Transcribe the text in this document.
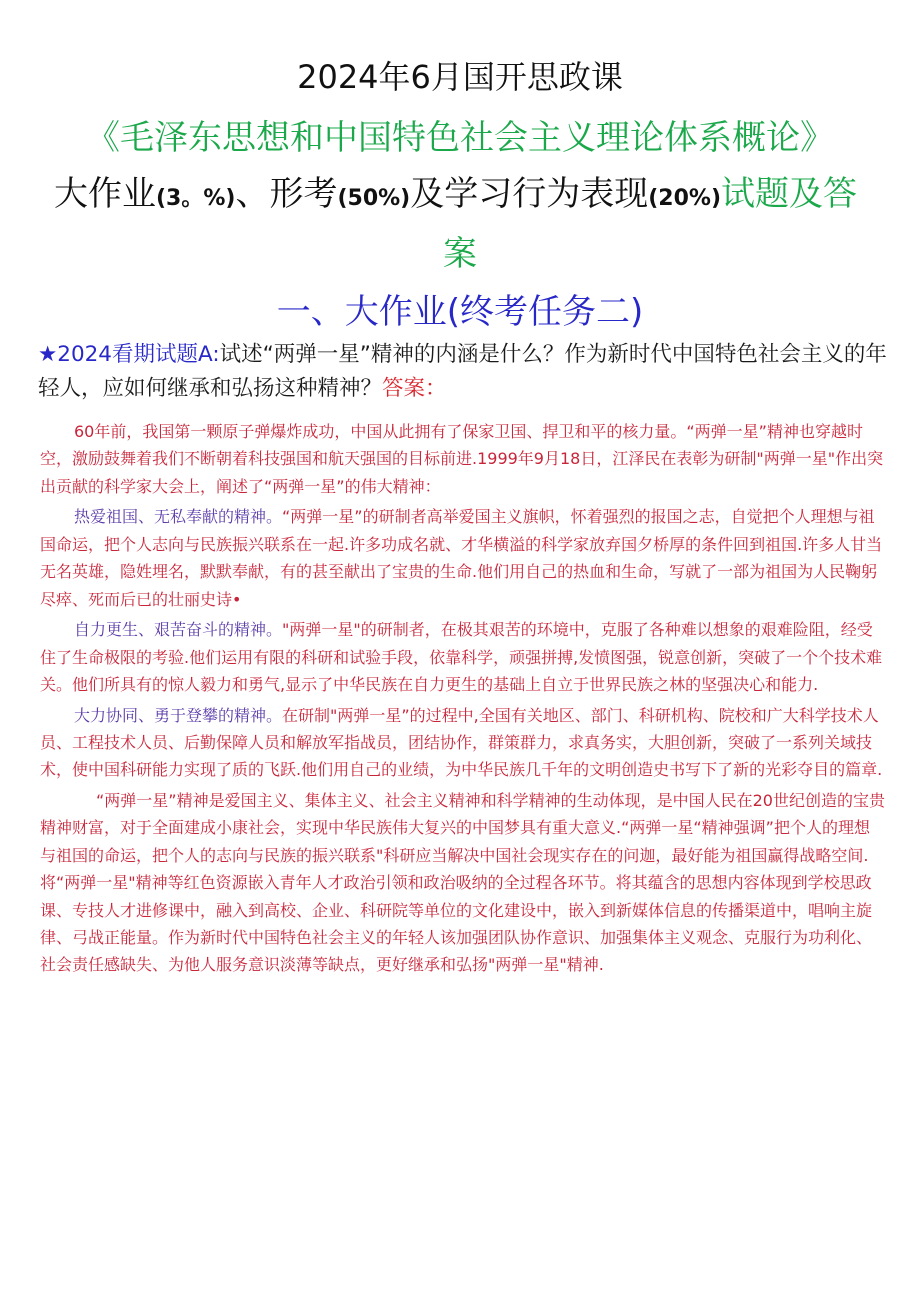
2024年6月国开思政课
《毛泽东思想和中国特色社会主义理论体系概论》
大作业(3。%)、形考(50%)及学习行为表现(20%)试题及答
案
一、大作业(终考任务二)
★2024看期试题A:试述“两弹一星”精神的内涵是什么？作为新时代中国特色社会主义的年轻人，应如何继承和弘扬这种精神？答案：

60年前，我国第一颗原子弹爆炸成功，中国从此拥有了保家卫国、捍卫和平的核力量。“两弹一星”精神也穿越时空，激励鼓舞着我们不断朝着科技强国和航天强国的目标前进.1999年9月18日，江泽民在表彰为研制"两弹一星"作出突出贡献的科学家大会上，阐述了“两弹一星”的伟大精神：

热爱祖国、无私奉献的精神。“两弹一星”的研制者高举爱国主义旗帜，怀着强烈的报国之志，自觉把个人理想与祖国命运，把个人志向与民族振兴联系在一起.许多功成名就、才华横溢的科学家放弃国夕桥厚的条件回到祖国.许多人甘当无名英雄，隐姓埋名，默默奉献，有的甚至献出了宝贵的生命.他们用自己的热血和生命，写就了一部为祖国为人民鞠躬尽瘁、死而后已的壮丽史诗•

自力更生、艰苦奋斗的精神。"两弹一星"的研制者，在极其艰苦的环境中，克服了各种难以想象的艰难险阻，经受住了生命极限的考验.他们运用有限的科研和试验手段，依靠科学，顽强拼搏,发愤图强，锐意创新，突破了一个个技术难关。他们所具有的惊人毅力和勇气,显示了中华民族在自力更生的基础上自立于世界民族之林的坚强决心和能力.

大力协同、勇于登攀的精神。在研制"两弹一星”的过程中,全国有关地区、部门、科研机构、院校和广大科学技术人员、工程技术人员、后勤保障人员和解放军指战员，团结协作，群策群力，求真务实，大胆创新，突破了一系列关域技术，使中国科研能力实现了质的飞跃.他们用自己的业绩，为中华民族几千年的文明创造史书写下了新的光彩夺目的篇章.

“两弹一星”精神是爱国主义、集体主义、社会主义精神和科学精神的生动体现，是中国人民在20世纪创造的宝贵精神财富，对于全面建成小康社会，实现中华民族伟大复兴的中国梦具有重大意义.“两弹一星“精神强调”把个人的理想与祖国的命运，把个人的志向与民族的振兴联系"科研应当解决中国社会现实存在的问迦，最好能为祖国赢得战略空间.将“两弹一星"精神等红色资源嵌入青年人才政治引领和政治吸纳的全过程各环节。将其蕴含的思想内容体现到学校思政课、专技人才进修课中，融入到高校、企业、科研院等单位的文化建设中，嵌入到新媒体信息的传播渠道中，唱响主旋律、弓战正能量。作为新时代中国特色社会主义的年轻人该加强团队协作意识、加强集体主义观念、克服行为功利化、社会责任感缺失、为他人服务意识淡薄等缺点，更好继承和弘扬"两弹一星"精神.
